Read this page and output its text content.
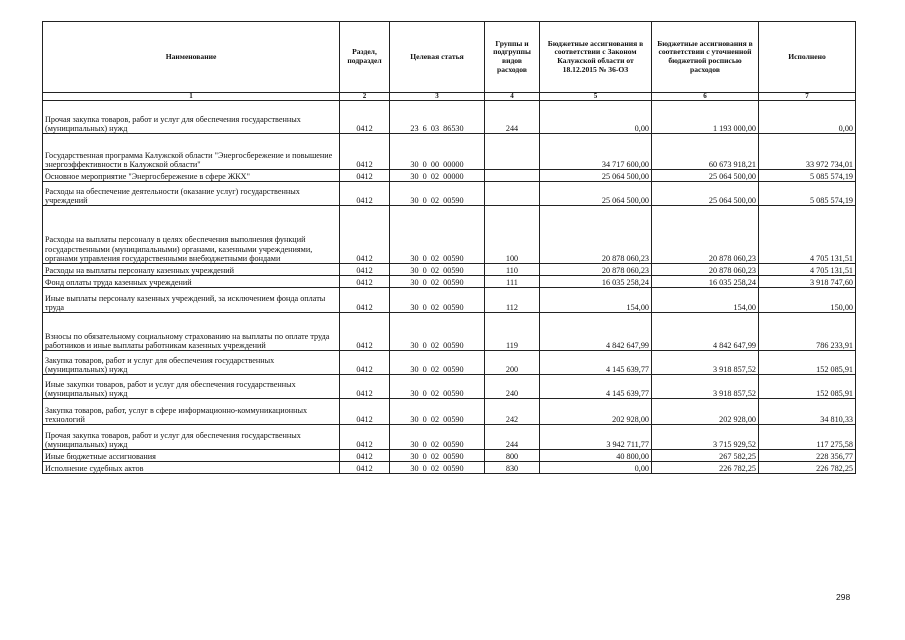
Наименование	Раздел, подраздел	Целевая статья	Группы и подгруппы видов расходов	Бюджетные ассигнования в соответствии с Законом Калужской области от 18.12.2015 № 36-ОЗ	Бюджетные ассигнования в соответствии с уточненной бюджетной росписью расходов	Исполнено
1	2	3	4	5	6	7
Прочая закупка товаров, работ и услуг для обеспечения государственных (муниципальных) нужд	0412	23  6  03  86530	244	0,00	1 193 000,00	0,00
Государственная программа Калужской области "Энергосбережение и повышение энергоэффективности в Калужской области"	0412	30  0  00  00000		34 717 600,00	60 673 918,21	33 972 734,01
Основное мероприятие "Энергосбережение в сфере ЖКХ"	0412	30  0  02  00000		25 064 500,00	25 064 500,00	5 085 574,19
Расходы на обеспечение деятельности (оказание услуг) государственных учреждений	0412	30  0  02  00590		25 064 500,00	25 064 500,00	5 085 574,19
Расходы на выплаты персоналу в целях обеспечения выполнения функций государственными (муниципальными) органами, казенными учреждениями, органами управления государственными внебюджетными фондами	0412	30  0  02  00590	100	20 878 060,23	20 878 060,23	4 705 131,51
Расходы на выплаты персоналу казенных учреждений	0412	30  0  02  00590	110	20 878 060,23	20 878 060,23	4 705 131,51
Фонд оплаты труда казенных учреждений	0412	30  0  02  00590	111	16 035 258,24	16 035 258,24	3 918 747,60
Иные выплаты персоналу казенных учреждений, за исключением фонда оплаты труда	0412	30  0  02  00590	112	154,00	154,00	150,00
Взносы по обязательному социальному страхованию на выплаты по оплате труда работников и иные выплаты работникам казенных учреждений	0412	30  0  02  00590	119	4 842 647,99	4 842 647,99	786 233,91
Закупка товаров, работ и услуг для обеспечения государственных (муниципальных) нужд	0412	30  0  02  00590	200	4 145 639,77	3 918 857,52	152 085,91
Иные закупки товаров, работ и услуг для обеспечения государственных (муниципальных) нужд	0412	30  0  02  00590	240	4 145 639,77	3 918 857,52	152 085,91
Закупка товаров, работ, услуг в сфере информационно-коммуникационных технологий	0412	30  0  02  00590	242	202 928,00	202 928,00	34 810,33
Прочая закупка товаров, работ и услуг для обеспечения государственных (муниципальных) нужд	0412	30  0  02  00590	244	3 942 711,77	3 715 929,52	117 275,58
Иные бюджетные ассигнования	0412	30  0  02  00590	800	40 800,00	267 582,25	228 356,77
Исполнение судебных актов	0412	30  0  02  00590	830	0,00	226 782,25	226 782,25
298
